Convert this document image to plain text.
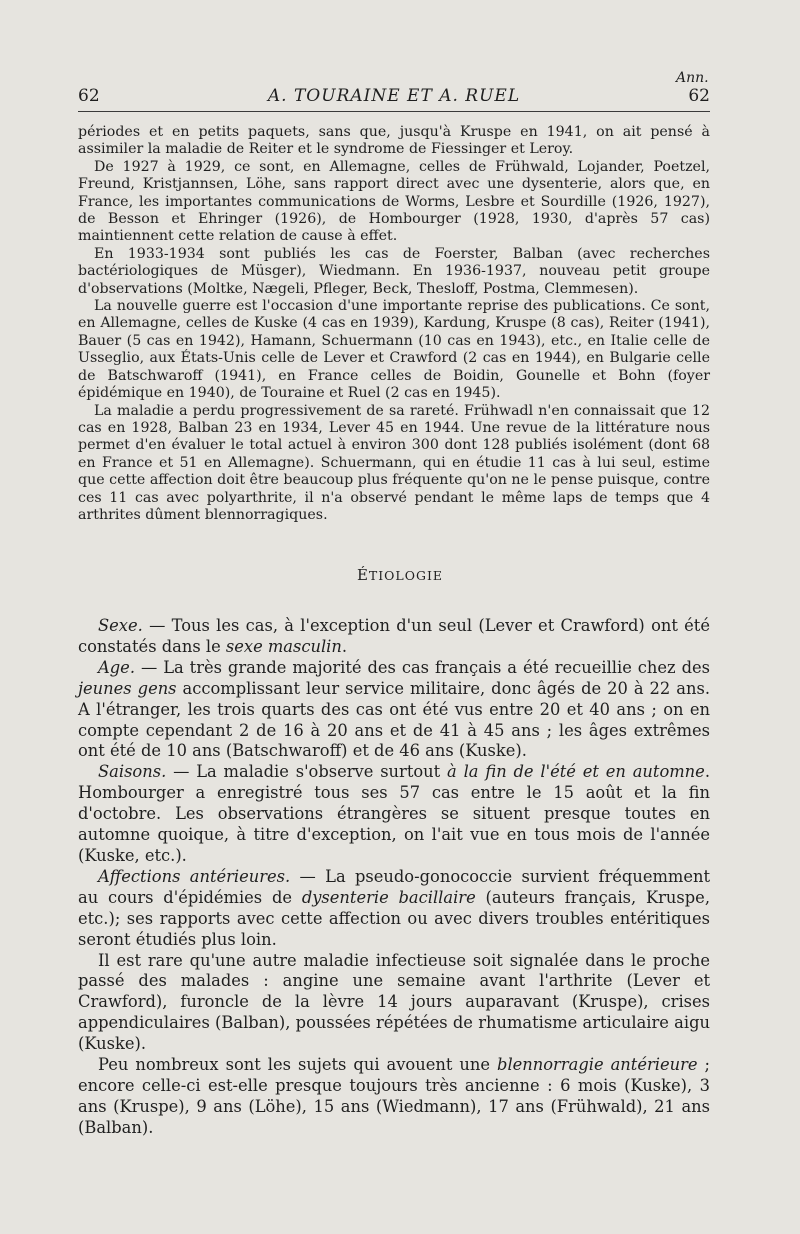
Ann.
62	A. TOURAINE ET A. RUEL	62

périodes et en petits paquets, sans que, jusqu'à Kruspe en 1941, on ait pensé à assimiler la maladie de Reiter et le syndrome de Fiessinger et Leroy.

De 1927 à 1929, ce sont, en Allemagne, celles de Frühwald, Lojander, Poetzel, Freund, Kristjannsen, Löhe, sans rapport direct avec une dysenterie, alors que, en France, les importantes communications de Worms, Lesbre et Sourdille (1926, 1927), de Besson et Ehringer (1926), de Hombourger (1928, 1930, d'après 57 cas) maintiennent cette relation de cause à effet.

En 1933-1934 sont publiés les cas de Foerster, Balban (avec recherches bactériologiques de Müsger), Wiedmann. En 1936-1937, nouveau petit groupe d'observations (Moltke, Nægeli, Pfleger, Beck, Thesloff, Postma, Clemmesen).

La nouvelle guerre est l'occasion d'une importante reprise des publications. Ce sont, en Allemagne, celles de Kuske (4 cas en 1939), Kardung, Kruspe (8 cas), Reiter (1941), Bauer (5 cas en 1942), Hamann, Schuermann (10 cas en 1943), etc., en Italie celle de Usseglio, aux États-Unis celle de Lever et Crawford (2 cas en 1944), en Bulgarie celle de Batschwaroff (1941), en France celles de Boidin, Gounelle et Bohn (foyer épidémique en 1940), de Touraine et Ruel (2 cas en 1945).

La maladie a perdu progressivement de sa rareté. Frühwadl n'en connaissait que 12 cas en 1928, Balban 23 en 1934, Lever 45 en 1944. Une revue de la littérature nous permet d'en évaluer le total actuel à environ 300 dont 128 publiés isolément (dont 68 en France et 51 en Allemagne). Schuermann, qui en étudie 11 cas à lui seul, estime que cette affection doit être beaucoup plus fréquente qu'on ne le pense puisque, contre ces 11 cas avec polyarthrite, il n'a observé pendant le même laps de temps que 4 arthrites dûment blennorragiques.

ÉTIOLOGIE

Sexe. — Tous les cas, à l'exception d'un seul (Lever et Crawford) ont été constatés dans le sexe masculin.

Age. — La très grande majorité des cas français a été recueillie chez des jeunes gens accomplissant leur service militaire, donc âgés de 20 à 22 ans. A l'étranger, les trois quarts des cas ont été vus entre 20 et 40 ans ; on en compte cependant 2 de 16 à 20 ans et de 41 à 45 ans ; les âges extrêmes ont été de 10 ans (Batschwaroff) et de 46 ans (Kuske).

Saisons. — La maladie s'observe surtout à la fin de l'été et en automne. Hombourger a enregistré tous ses 57 cas entre le 15 août et la fin d'octobre. Les observations étrangères se situent presque toutes en automne quoique, à titre d'exception, on l'ait vue en tous mois de l'année (Kuske, etc.).

Affections antérieures. — La pseudo-gonococcie survient fréquemment au cours d'épidémies de dysenterie bacillaire (auteurs français, Kruspe, etc.); ses rapports avec cette affection ou avec divers troubles entéritiques seront étudiés plus loin.

Il est rare qu'une autre maladie infectieuse soit signalée dans le proche passé des malades : angine une semaine avant l'arthrite (Lever et Crawford), furoncle de la lèvre 14 jours auparavant (Kruspe), crises appendiculaires (Balban), poussées répétées de rhumatisme articulaire aigu (Kuske).

Peu nombreux sont les sujets qui avouent une blennorragie antérieure ; encore celle-ci est-elle presque toujours très ancienne : 6 mois (Kuske), 3 ans (Kruspe), 9 ans (Löhe), 15 ans (Wiedmann), 17 ans (Frühwald), 21 ans (Balban).
